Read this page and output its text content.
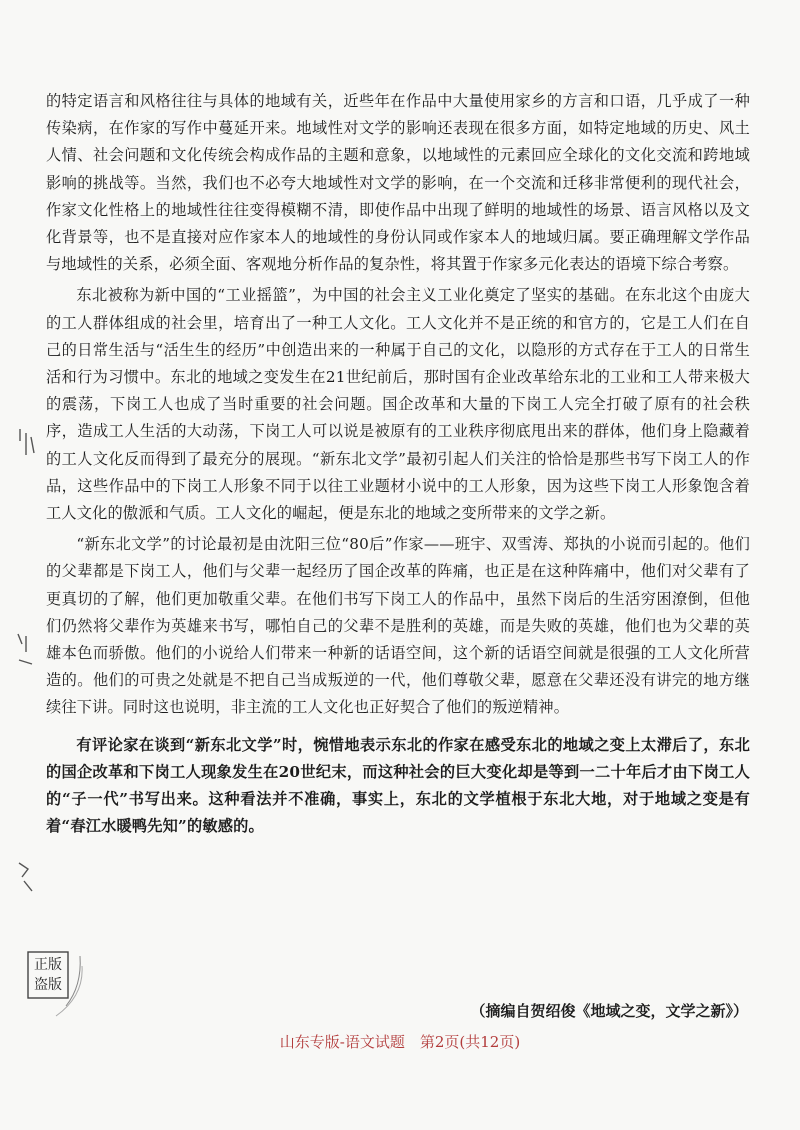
的特定语言和风格往往与具体的地域有关，近些年在作品中大量使用家乡的方言和口语，几乎成了一种传染病，在作家的写作中蔓延开来。地域性对文学的影响还表现在很多方面，如特定地域的历史、风土人情、社会问题和文化传统会构成作品的主题和意象，以地域性的元素回应全球化的文化交流和跨地域影响的挑战等。当然，我们也不必夸大地域性对文学的影响，在一个交流和迁移非常便利的现代社会，作家文化性格上的地域性往往变得模糊不清，即使作品中出现了鲜明的地域性的场景、语言风格以及文化背景等，也不是直接对应作家本人的地域性的身份认同或作家本人的地域归属。要正确理解文学作品与地域性的关系，必须全面、客观地分析作品的复杂性，将其置于作家多元化表达的语境下综合考察。

东北被称为新中国的“工业摇篮”，为中国的社会主义工业化奠定了坚实的基础。在东北这个由庞大的工人群体组成的社会里，培育出了一种工人文化。工人文化并不是正统的和官方的，它是工人们在自己的日常生活与“活生生的经历”中创造出来的一种属于自己的文化，以隐形的方式存在于工人的日常生活和行为习惯中。东北的地域之变发生在21世纪前后，那时国有企业改革给东北的工业和工人带来极大的震荡，下岗工人也成了当时重要的社会问题。国企改革和大量的下岗工人完全打破了原有的社会秩序，造成工人生活的大动荡，下岗工人可以说是被原有的工业秩序彻底甩出来的群体，他们身上隐藏着的工人文化反而得到了最充分的展现。“新东北文学”最初引起人们关注的恰恰是那些书写下岗工人的作品，这些作品中的下岗工人形象不同于以往工业题材小说中的工人形象，因为这些下岗工人形象饱含着工人文化的傲派和气质。工人文化的崛起，便是东北的地域之变所带来的文学之新。

“新东北文学”的讨论最初是由沈阳三位“80后”作家——班宇、双雪涛、郑执的小说而引起的。他们的父辈都是下岗工人，他们与父辈一起经历了国企改革的阵痛，也正是在这种阵痛中，他们对父辈有了更真切的了解，他们更加敬重父辈。在他们书写下岗工人的作品中，虽然下岗后的生活穷困潦倒，但他们仍然将父辈作为英雄来书写，哪怕自己的父辈不是胜利的英雄，而是失败的英雄，他们也为父辈的英雄本色而骄傲。他们的小说给人们带来一种新的话语空间，这个新的话语空间就是很强的工人文化所营造的。他们的可贵之处就是不把自己当成叛逆的一代，他们尊敬父辈，愿意在父辈还没有讲完的地方继续往下讲。同时这也说明，非主流的工人文化也正好契合了他们的叛逆精神。

有评论家在谈到“新东北文学”时，惋惜地表示东北的作家在感受东北的地域之变上太滞后了，东北的国企改革和下岗工人现象发生在20世纪末，而这种社会的巨大变化却是等到一二十年后才由下岗工人的“子一代”书写出来。这种看法并不准确，事实上，东北的文学植根于东北大地，对于地域之变是有着“春江水暖鸭先知”的敏感的。

（摘编自贺绍俊《地域之变，文学之新》）

正版
盗版

山东专版-语文试题　第2页(共12页)
